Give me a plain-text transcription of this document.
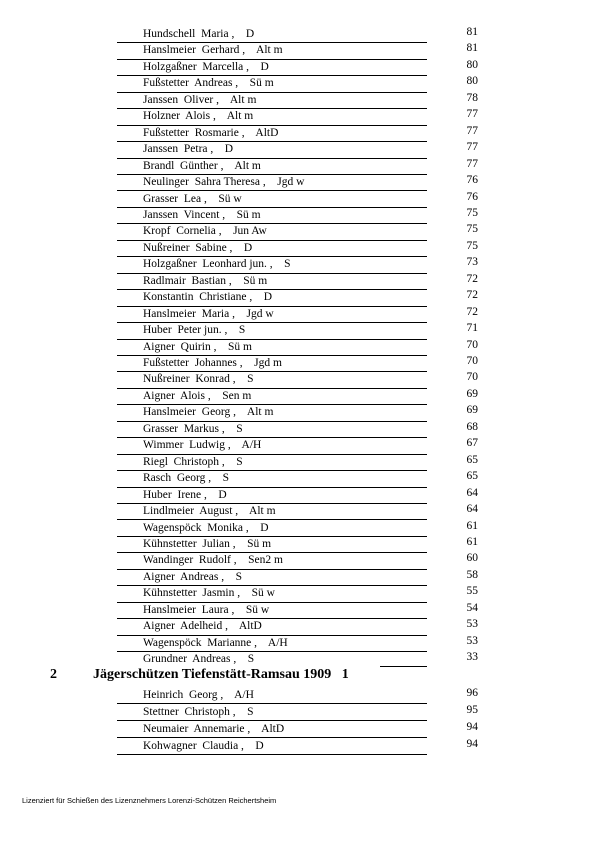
Hundschell  Maria ,    D	81
Hanslmeier  Gerhard ,    Alt m	81
Holzgaßner  Marcella ,    D	80
Fußstetter  Andreas ,    Sü m	80
Janssen  Oliver ,    Alt m	78
Holzner  Alois ,    Alt m	77
Fußstetter  Rosmarie ,    AltD	77
Janssen  Petra ,    D	77
Brandl  Günther ,    Alt m	77
Neulinger  Sahra Theresa ,    Jgd w	76
Grasser  Lea ,    Sü w	76
Janssen  Vincent ,    Sü m	75
Kropf  Cornelia ,    Jun Aw	75
Nußreiner  Sabine ,    D	75
Holzgaßner  Leonhard jun. ,    S	73
Radlmair  Bastian ,    Sü m	72
Konstantin  Christiane ,    D	72
Hanslmeier  Maria ,    Jgd w	72
Huber  Peter jun. ,    S	71
Aigner  Quirin ,    Sü m	70
Fußstetter  Johannes ,    Jgd m	70
Nußreiner  Konrad ,    S	70
Aigner  Alois ,    Sen m	69
Hanslmeier  Georg ,    Alt m	69
Grasser  Markus ,    S	68
Wimmer  Ludwig ,    A/H	67
Riegl  Christoph ,    S	65
Rasch  Georg ,    S	65
Huber  Irene ,    D	64
Lindlmeier  August ,    Alt m	64
Wagenspöck  Monika ,    D	61
Kühnstetter  Julian ,    Sü m	61
Wandinger  Rudolf ,    Sen2 m	60
Aigner  Andreas ,    S	58
Kühnstetter  Jasmin ,    Sü w	55
Hanslmeier  Laura ,    Sü w	54
Aigner  Adelheid ,    AltD	53
Wagenspöck  Marianne ,    A/H	53
Grundner  Andreas ,    S	33
2	Jägerschützen Tiefenstätt-Ramsau 1909   1
Heinrich  Georg ,    A/H	96
Stettner  Christoph ,    S	95
Neumaier  Annemarie ,    AltD	94
Kohwagner  Claudia ,    D	94
Lizenziert für Schießen des Lizenznehmers Lorenzi-Schützen Reichertsheim
